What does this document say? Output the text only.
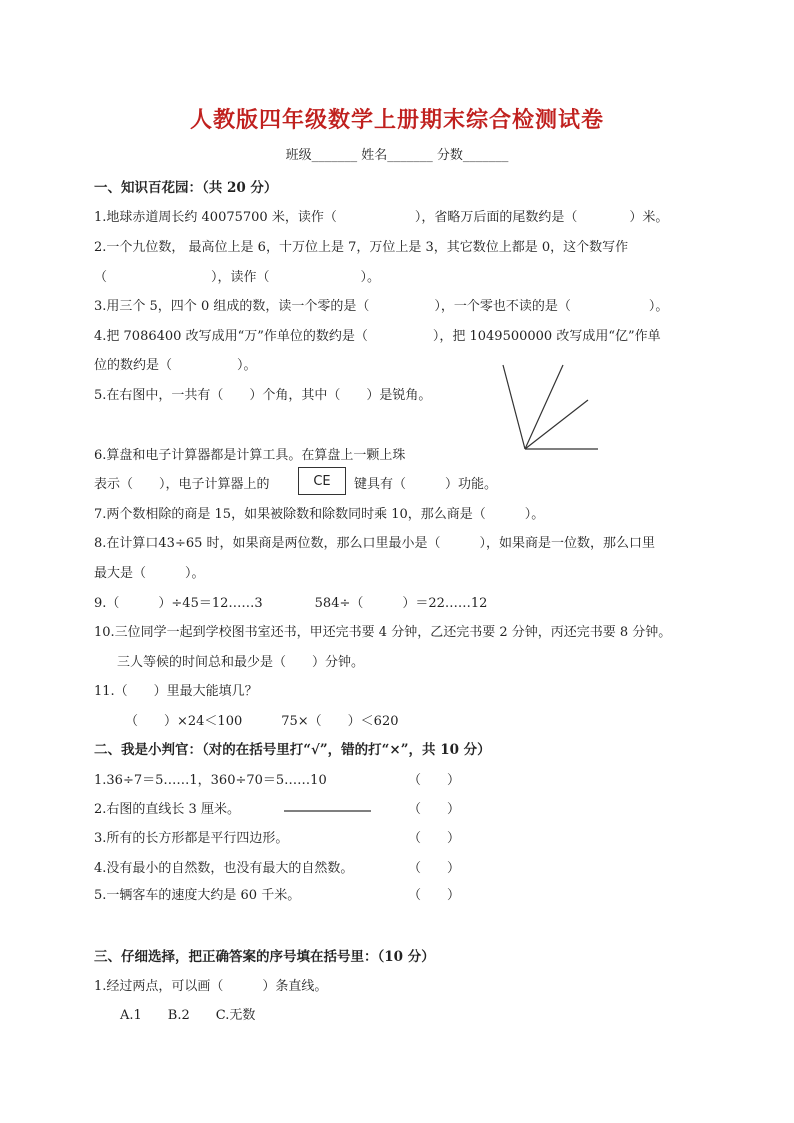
人教版四年级数学上册期末综合检测试卷
班级_______ 姓名_______ 分数_______
一、知识百花园：（共 20 分）
1.地球赤道周长约 40075700 米，读作（　　　　　　），省略万后面的尾数约是（　　　　）米。
2.一个九位数， 最高位上是 6，十万位上是 7，万位上是 3，其它数位上都是 0，这个数写作
（　　　　　　　　），读作（　　　　　　　）。
3.用三个 5，四个 0 组成的数，读一个零的是（　　　　　），一个零也不读的是（　　　　　　）。
4.把 7086400 改写成用“万”作单位的数约是（　　　　　），把 1049500000 改写成用“亿”作单
位的数约是（　　　　　）。
5.在右图中，一共有（　　）个角，其中（　　）是锐角。
6.算盘和电子计算器都是计算工具。在算盘上一颗上珠
表示（　　），电子计算器上的	CE	键具有（　　　）功能。
7.两个数相除的商是 15，如果被除数和除数同时乘 10，那么商是（　　　）。
8.在计算口43÷65 时，如果商是两位数，那么口里最小是（　　　），如果商是一位数，那么口里
最大是（　　　）。
9.（　　　）÷45＝12……3　　　　584÷（　　　）＝22……12
10.三位同学一起到学校图书室还书，甲还完书要 4 分钟，乙还完书要 2 分钟，丙还完书要 8 分钟。
三人等候的时间总和最少是（　　）分钟。
11.（　　）里最大能填几？
（　　）×24＜100　　　75×（　　）＜620
二、我是小判官：（对的在括号里打“√”，错的打“×”，共 10 分）
1.36÷7＝5……1，360÷70＝5……10	（　　）
2.右图的直线长 3 厘米。	（　　）
3.所有的长方形都是平行四边形。	（　　）
4.没有最小的自然数，也没有最大的自然数。	（　　）
5.一辆客车的速度大约是 60 千米。	（　　）
三、仔细选择，把正确答案的序号填在括号里：（10 分）
1.经过两点，可以画（　　　）条直线。
A.1　　B.2　　C.无数
